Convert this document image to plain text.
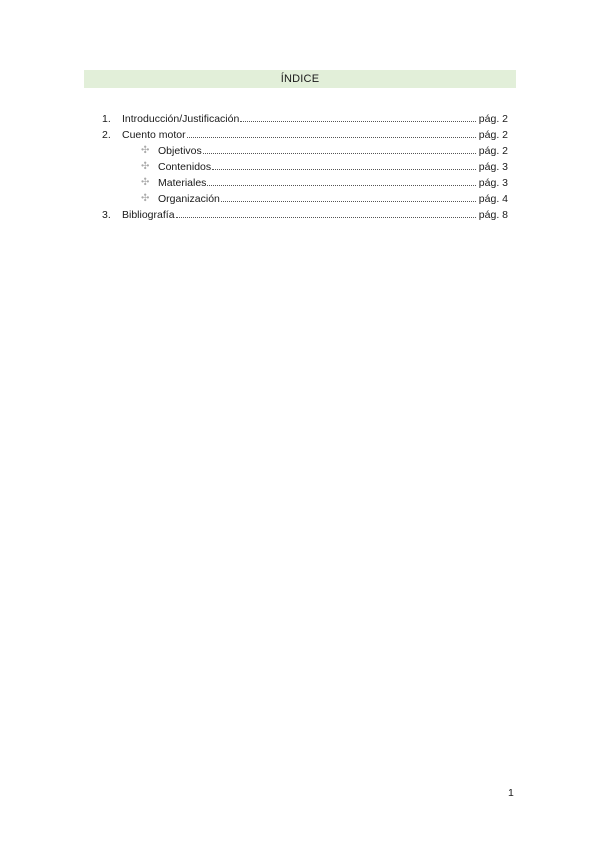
ÍNDICE
1. Introducción/Justificación	pág. 2
2. Cuento motor	pág. 2
✣ Objetivos	pág. 2
✣ Contenidos	pág. 3
✣ Materiales	pág. 3
✣ Organización	pág. 4
3. Bibliografía	pág. 8
1
